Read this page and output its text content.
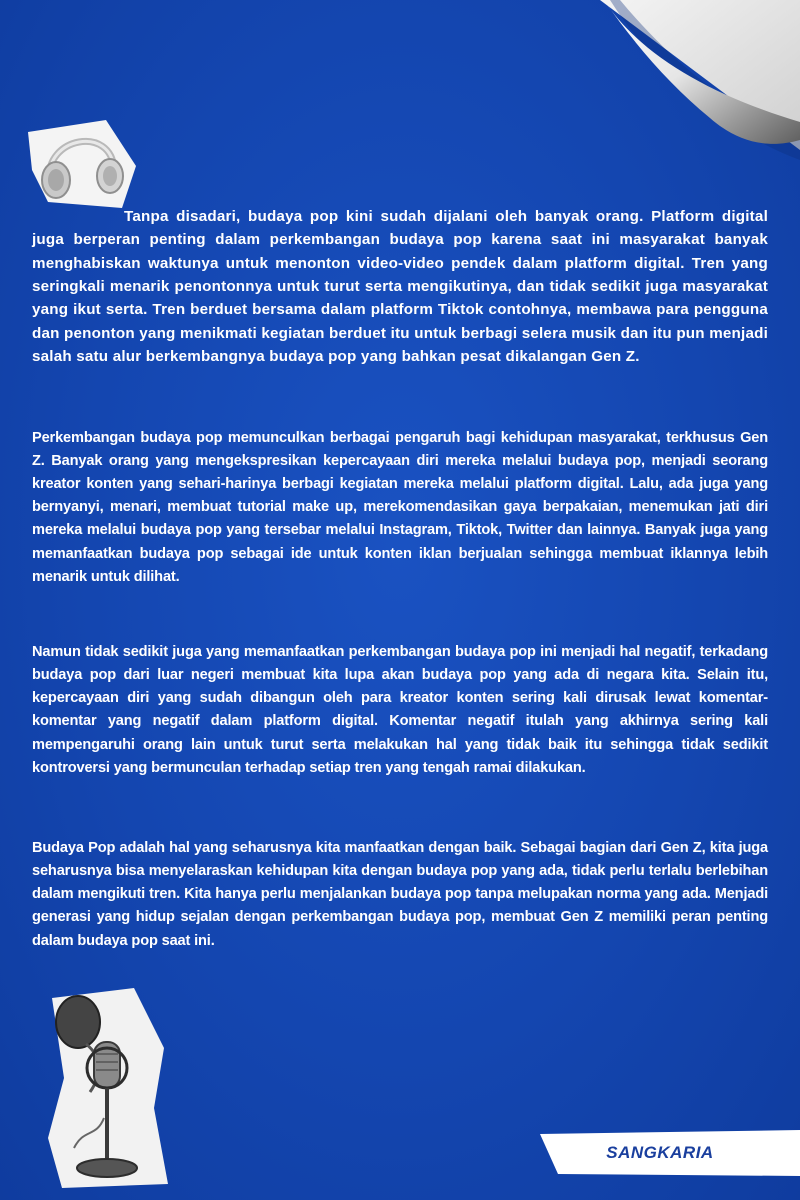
Tanpa disadari, budaya pop kini sudah dijalani oleh banyak orang. Platform digital juga berperan penting dalam perkembangan budaya pop karena saat ini masyarakat banyak menghabiskan waktunya untuk menonton video-video pendek dalam platform digital. Tren yang seringkali menarik penontonnya untuk turut serta mengikutinya, dan tidak sedikit juga masyarakat yang ikut serta. Tren berduet bersama dalam platform Tiktok contohnya, membawa para pengguna dan penonton yang menikmati kegiatan berduet itu untuk berbagi selera musik dan itu pun menjadi salah satu alur berkembangnya budaya pop yang bahkan pesat dikalangan Gen Z.

Perkembangan budaya pop memunculkan berbagai pengaruh bagi kehidupan masyarakat, terkhusus Gen Z. Banyak orang yang mengekspresikan kepercayaan diri mereka melalui budaya pop, menjadi seorang kreator konten yang sehari-harinya berbagi kegiatan mereka melalui platform digital. Lalu, ada juga yang bernyanyi, menari, membuat tutorial make up, merekomendasikan gaya berpakaian, menemukan jati diri mereka melalui budaya pop yang tersebar melalui Instagram, Tiktok, Twitter dan lainnya. Banyak juga yang memanfaatkan budaya pop sebagai ide untuk konten iklan berjualan sehingga membuat iklannya lebih menarik untuk dilihat.

Namun tidak sedikit juga yang memanfaatkan perkembangan budaya pop ini menjadi hal negatif, terkadang budaya pop dari luar negeri membuat kita lupa akan budaya pop yang ada di negara kita. Selain itu, kepercayaan diri yang sudah dibangun oleh para kreator konten sering kali dirusak lewat komentar-komentar yang negatif dalam platform digital. Komentar negatif itulah yang akhirnya sering kali mempengaruhi orang lain untuk turut serta melakukan hal yang tidak baik itu sehingga tidak sedikit kontroversi yang bermunculan terhadap setiap tren yang tengah ramai dilakukan.

Budaya Pop adalah hal yang seharusnya kita manfaatkan dengan baik. Sebagai bagian dari Gen Z, kita juga seharusnya bisa menyelaraskan kehidupan kita dengan budaya pop yang ada, tidak perlu terlalu berlebihan dalam mengikuti tren. Kita hanya perlu menjalankan budaya pop tanpa melupakan norma yang ada. Menjadi generasi yang hidup sejalan dengan perkembangan budaya pop, membuat Gen Z memiliki peran penting dalam budaya pop saat ini.

SANGKARIA
